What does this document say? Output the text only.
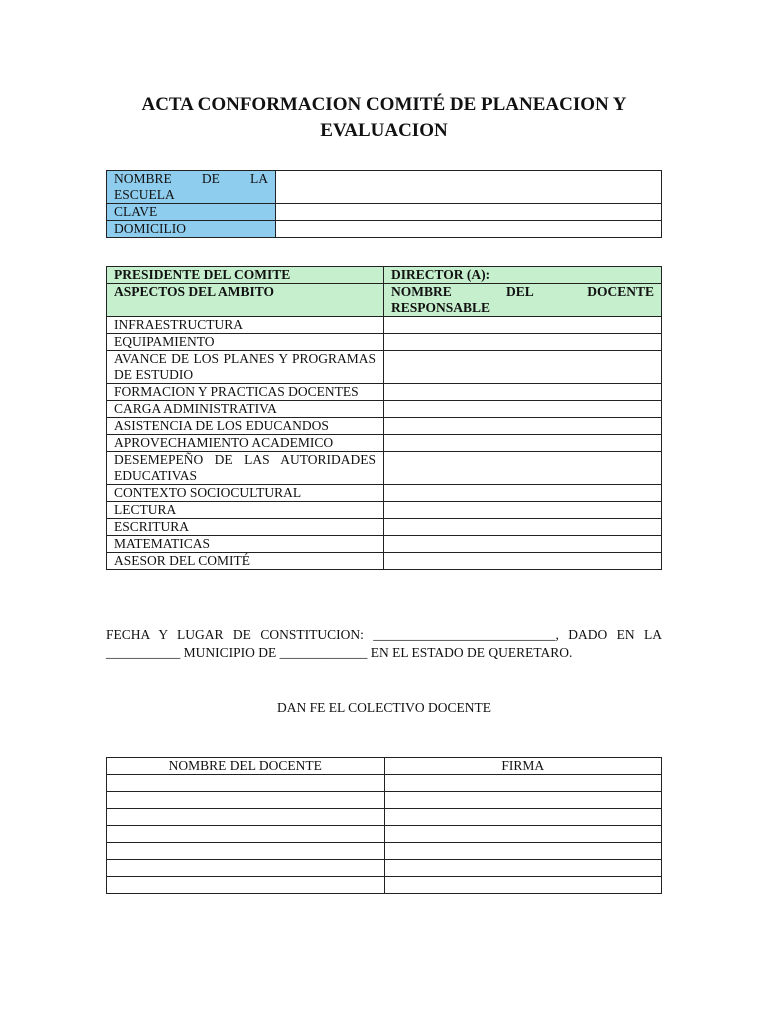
ACTA CONFORMACION COMITÉ DE PLANEACION Y
EVALUACION
NOMBRE DE LA
ESCUELA	
CLAVE	
DOMICILIO	
PRESIDENTE DEL COMITE	DIRECTOR (A):
ASPECTOS DEL AMBITO	NOMBRE DEL DOCENTE
RESPONSABLE
INFRAESTRUCTURA	
EQUIPAMIENTO	
AVANCE DE LOS PLANES Y PROGRAMAS DE ESTUDIO	
FORMACION Y PRACTICAS DOCENTES	
CARGA ADMINISTRATIVA	
ASISTENCIA DE LOS EDUCANDOS	
APROVECHAMIENTO ACADEMICO	
DESEMEPEÑO DE LAS AUTORIDADES EDUCATIVAS	
CONTEXTO SOCIOCULTURAL	
LECTURA	
ESCRITURA	
MATEMATICAS	
ASESOR DEL COMITÉ	
FECHA Y LUGAR DE CONSTITUCION: ___________________________, DADO EN LA
___________ MUNICIPIO DE _____________ EN EL ESTADO DE QUERETARO.
DAN FE EL COLECTIVO DOCENTE
NOMBRE DEL DOCENTE	FIRMA
